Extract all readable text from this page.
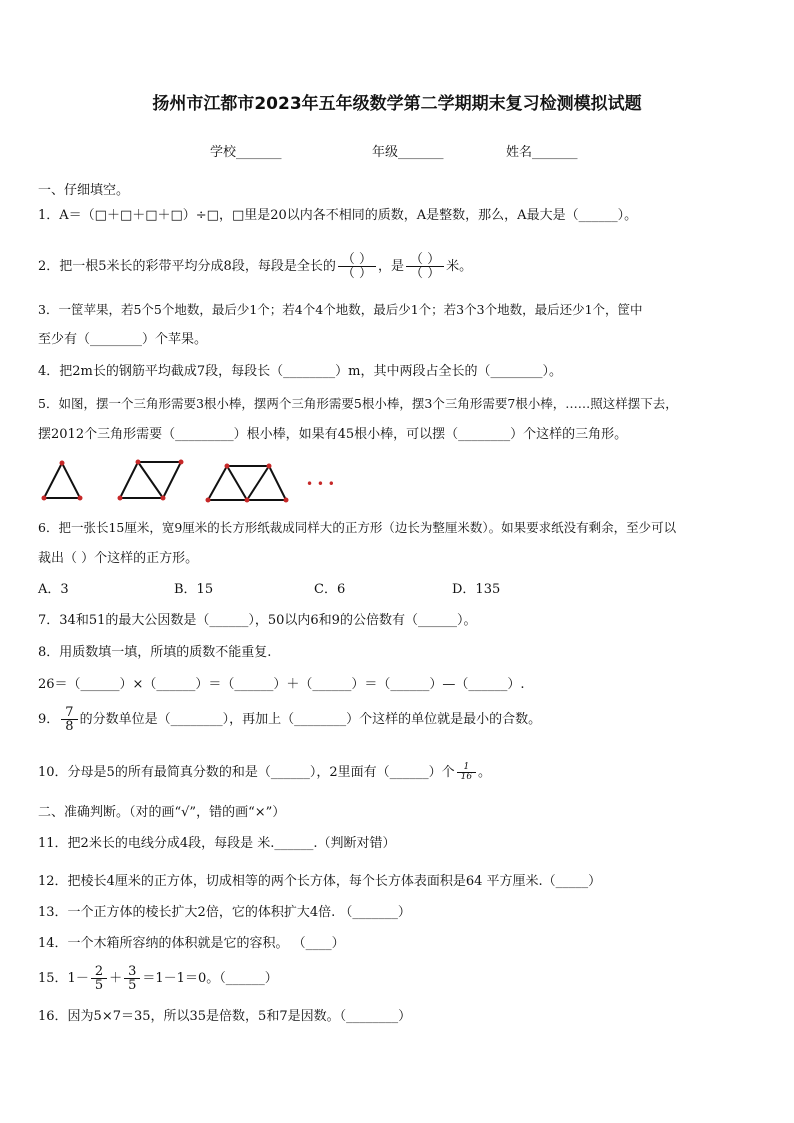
扬州市江都市2023年五年级数学第二学期期末复习检测模拟试题
学校_______	年级_______	姓名_______
一、仔细填空。
1．A＝（□＋□＋□＋□）÷□，□里是20以内各不相同的质数，A是整数，那么，A最大是（______）。
2．把一根5米长的彩带平均分成8段，每段是全长的 $\frac{( )}{( )}$ ，是 $\frac{( )}{( )}$ 米。
3．一筐苹果，若5个5个地数，最后少1个；若4个4个地数，最后少1个；若3个3个地数，最后还少1个，筐中
至少有（________）个苹果。
4．把2m长的钢筋平均截成7段，每段长（________）m，其中两段占全长的（________）。
5．如图，摆一个三角形需要3根小棒，摆两个三角形需要5根小棒，摆3个三角形需要7根小棒，……照这样摆下去，
摆2012个三角形需要（_________）根小棒，如果有45根小棒，可以摆（________）个这样的三角形。
• • •
6．把一张长15厘米，宽9厘米的长方形纸裁成同样大的正方形（边长为整厘米数）。如果要求纸没有剩余，至少可以
裁出（ ）个这样的正方形。
A．3	B．15	C．6	D．135
7．34和51的最大公因数是（______），50以内6和9的公倍数有（______）。
8．用质数填一填，所填的质数不能重复.
26＝（______）×（______）＝（______）＋（______）＝（______）—（______）.
9． $\frac{7}{8}$ 的分数单位是（________），再加上（________）个这样的单位就是最小的合数。
10．分母是5的所有最简真分数的和是（______），2里面有（______）个 $\frac{1}{16}$ 。
二、准确判断。（对的画“√”，错的画“×”）
11．把2米长的电线分成4段，每段是 米.______.（判断对错）
12．把棱长4厘米的正方体，切成相等的两个长方体，每个长方体表面积是64 平方厘米.（_____）
13．一个正方体的棱长扩大2倍，它的体积扩大4倍. （_______）
14．一个木箱所容纳的体积就是它的容积。 （____）
15．$1- \frac{2}{5} + \frac{3}{5} =1-1=0$。（______）
16．因为5×7＝35，所以35是倍数，5和7是因数。（________）
